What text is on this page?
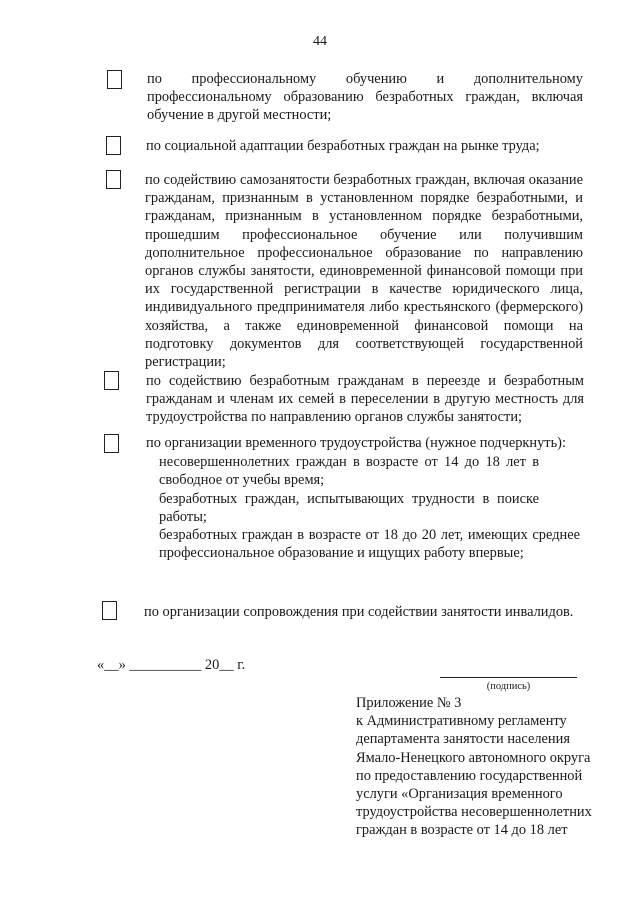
44
по профессиональному обучению и дополнительному профессиональному образованию безработных граждан, включая обучение в другой местности;
по социальной адаптации безработных граждан на рынке труда;
по содействию самозанятости безработных граждан, включая оказание гражданам, признанным в установленном порядке безработными, и гражданам, признанным в установленном порядке безработными, прошедшим профессиональное обучение или получившим дополнительное профессиональное образование по направлению органов службы занятости, единовременной финансовой помощи при их государственной регистрации в качестве юридического лица, индивидуального предпринимателя либо крестьянского (фермерского) хозяйства, а также единовременной финансовой помощи на подготовку документов для соответствующей государственной регистрации;
по содействию безработным гражданам в переезде и безработным гражданам и членам их семей в переселении в другую местность для трудоустройства по направлению органов службы занятости;
по организации временного трудоустройства (нужное подчеркнуть):
несовершеннолетних граждан в возрасте от 14 до 18 лет в свободное от учебы время;
безработных граждан, испытывающих трудности в поиске работы;
безработных граждан в возрасте от 18 до 20 лет, имеющих среднее профессиональное образование и ищущих работу впервые;
по организации сопровождения при содействии занятости инвалидов.
«__» __________ 20__ г.
(подпись)
Приложение № 3
к Административному регламенту
департамента занятости населения
Ямало-Ненецкого автономного округа
по предоставлению государственной
услуги «Организация временного
трудоустройства несовершеннолетних
граждан в возрасте от 14 до 18 лет
